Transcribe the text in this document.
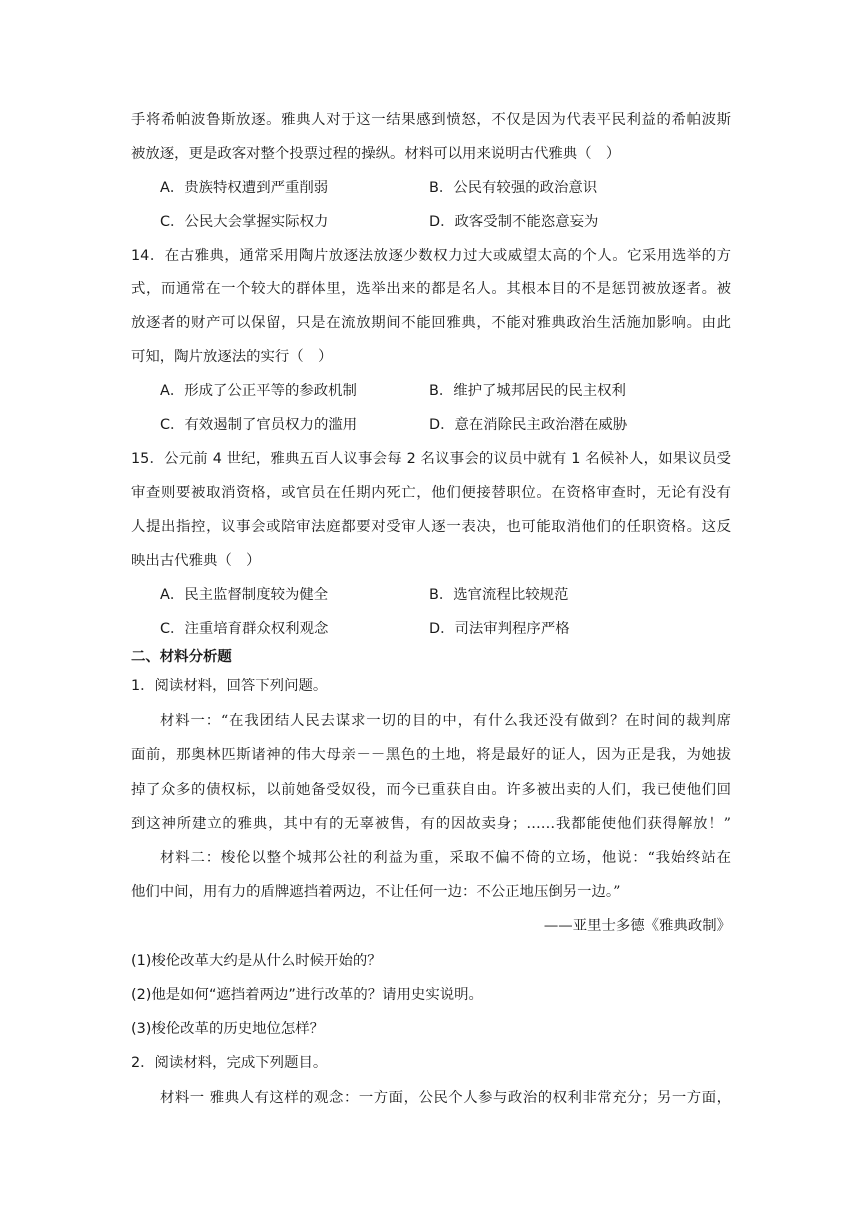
手将希帕波鲁斯放逐。雅典人对于这一结果感到愤怒，不仅是因为代表平民利益的希帕波斯
被放逐，更是政客对整个投票过程的操纵。材料可以用来说明古代雅典（　）
A．贵族特权遭到严重削弱	B．公民有较强的政治意识
C．公民大会掌握实际权力	D．政客受制不能恣意妄为
14．在古雅典，通常采用陶片放逐法放逐少数权力过大或威望太高的个人。它采用选举的方
式，而通常在一个较大的群体里，选举出来的都是名人。其根本目的不是惩罚被放逐者。被
放逐者的财产可以保留，只是在流放期间不能回雅典，不能对雅典政治生活施加影响。由此
可知，陶片放逐法的实行（　）
A．形成了公正平等的参政机制	B．维护了城邦居民的民主权利
C．有效遏制了官员权力的滥用	D．意在消除民主政治潜在威胁
15．公元前 4 世纪，雅典五百人议事会每 2 名议事会的议员中就有 1 名候补人，如果议员受
审查则要被取消资格，或官员在任期内死亡，他们便接替职位。在资格审查时，无论有没有
人提出指控，议事会或陪审法庭都要对受审人逐一表决，也可能取消他们的任职资格。这反
映出古代雅典（　）
A．民主监督制度较为健全	B．选官流程比较规范
C．注重培育群众权利观念	D．司法审判程序严格
二、材料分析题
1．阅读材料，回答下列问题。
材料一：“在我团结人民去谋求一切的目的中，有什么我还没有做到？在时间的裁判席
面前，那奥林匹斯诸神的伟大母亲－－黑色的土地，将是最好的证人，因为正是我，为她拔
掉了众多的债权标，以前她备受奴役，而今已重获自由。许多被出卖的人们，我已使他们回
到这神所建立的雅典，其中有的无辜被售，有的因故卖身；……我都能使他们获得解放！”
材料二：梭伦以整个城邦公社的利益为重，采取不偏不倚的立场，他说：“我始终站在
他们中间，用有力的盾牌遮挡着两边，不让任何一边：不公正地压倒另一边。”
——亚里士多德《雅典政制》
(1)梭伦改革大约是从什么时候开始的？
(2)他是如何“遮挡着两边”进行改革的？请用史实说明。
(3)梭伦改革的历史地位怎样？
2．阅读材料，完成下列题目。
材料一 雅典人有这样的观念：一方面，公民个人参与政治的权利非常充分；另一方面，
